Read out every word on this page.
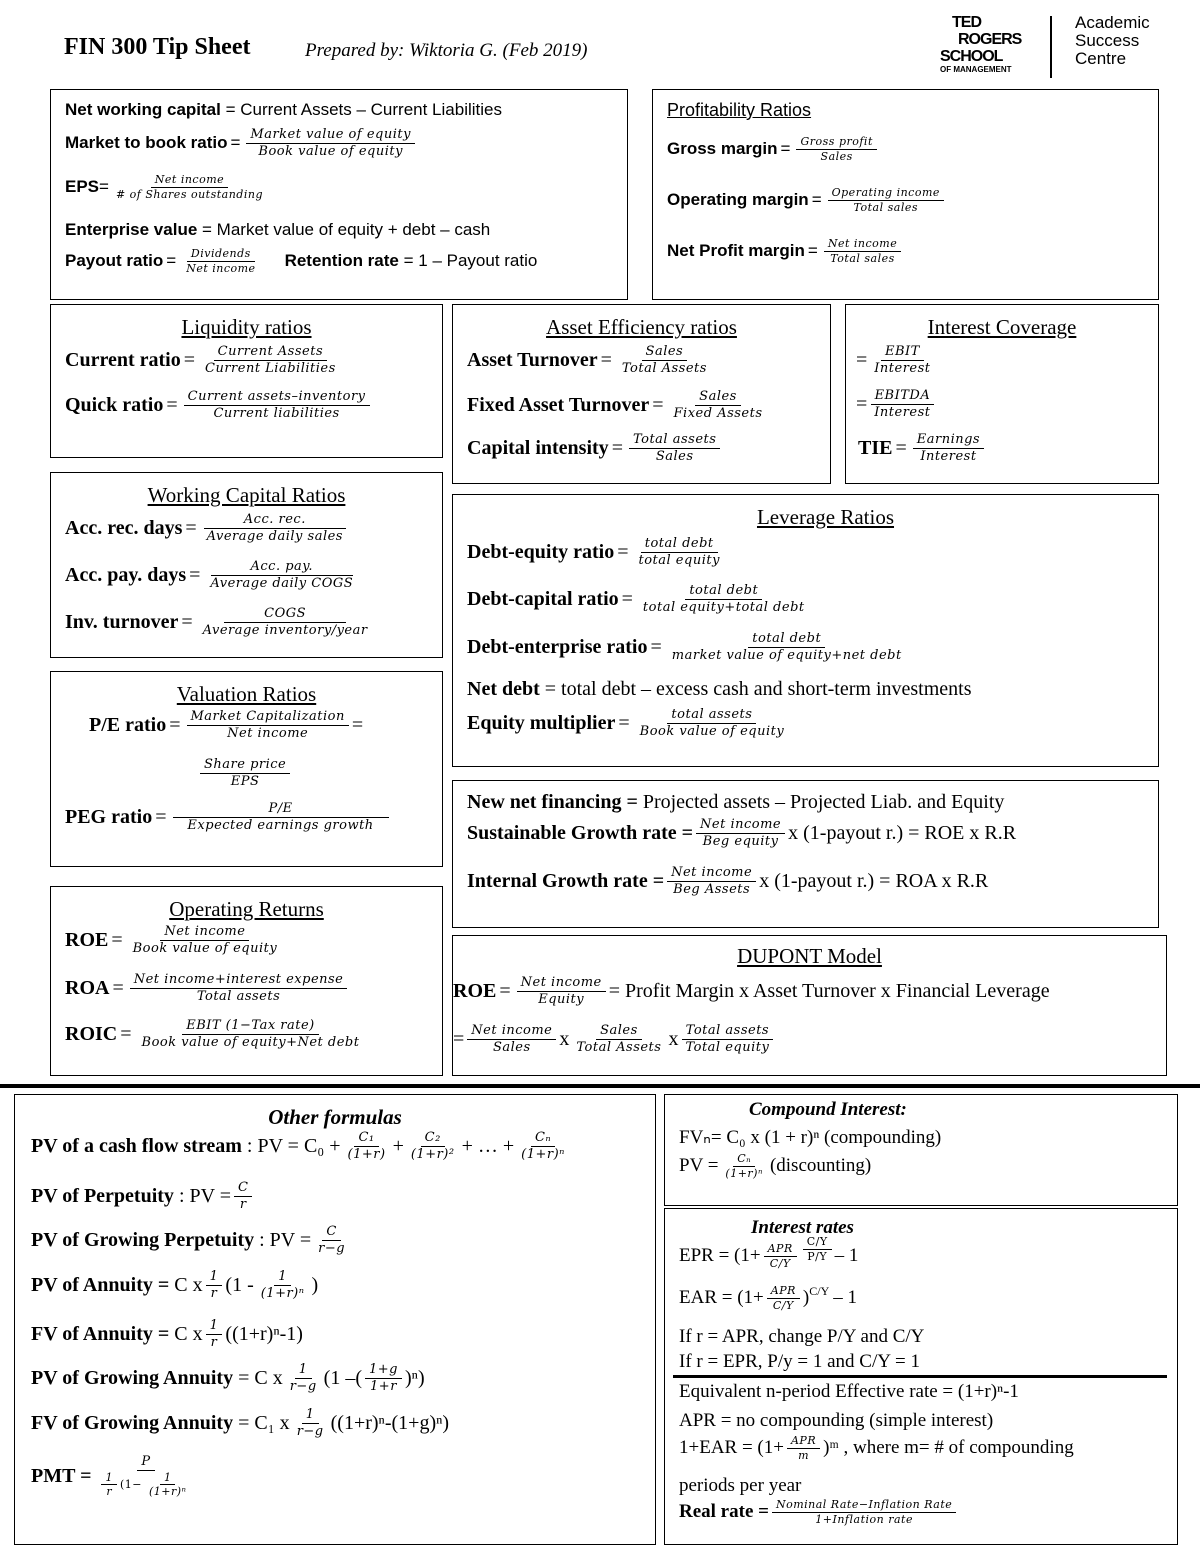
FIN 300 Tip Sheet	Prepared by: Wiktoria G. (Feb 2019)
TED
ROGERS
SCHOOL
OF MANAGEMENT
Academic
Success
Centre
Net working capital
= Current Assets – Current Liabilities
Market to book ratio = $\frac{\text{Market value of equity}}{\text{Book value of equity}}$
EPS = $\frac{\text{Net income}}{\text{\# of Shares outstanding}}$
Enterprise value
= Market value of equity + debt – cash
Payout ratio = $\frac{\text{Dividends}}{\text{Net income}}$ Retention rate
= 1 – Payout ratio
Profitability Ratios
Gross margin = $\frac{\text{Gross profit}}{\text{Sales}}$
Operating margin = $\frac{\text{Operating income}}{\text{Total sales}}$
Net Profit margin = $\frac{\text{Net income}}{\text{Total sales}}$
Liquidity ratios
Current ratio = $\frac{\text{Current Assets}}{\text{Current Liabilities}}$
Quick ratio = $\frac{\text{Current assets–inventory}}{\text{Current liabilities}}$
Asset Efficiency ratios
Asset Turnover = $\frac{\text{Sales}}{\text{Total Assets}}$
Fixed Asset Turnover = $\frac{\text{Sales}}{\text{Fixed Assets}}$
Capital intensity = $\frac{\text{Total assets}}{\text{Sales}}$
Interest Coverage
= $\frac{\text{EBIT}}{\text{Interest}}$
= $\frac{\text{EBITDA}}{\text{Interest}}$
TIE = $\frac{\text{Earnings}}{\text{Interest}}$
Working Capital Ratios
Acc. rec. days = $\frac{\text{Acc. rec.}}{\text{Average daily sales}}$
Acc. pay. days = $\frac{\text{Acc. pay.}}{\text{Average daily COGS}}$
Inv. turnover = $\frac{\text{COGS}}{\text{Average inventory/year}}$
Leverage Ratios
Debt-equity ratio = $\frac{\text{total debt}}{\text{total equity}}$
Debt-capital ratio = $\frac{\text{total debt}}{\text{total equity+total debt}}$
Debt-enterprise ratio = $\frac{\text{total debt}}{\text{market value of equity+net debt}}$
Net debt
= total debt – excess cash and short-term investments
Equity multiplier = $\frac{\text{total assets}}{\text{Book value of equity}}$
Valuation Ratios
P/E ratio = $\frac{\text{Market Capitalization}}{\text{Net income}}$ =
$\frac{\text{Share price}}{\text{EPS}}$
PEG ratio = $\frac{P/E}{\text{Expected earnings growth}}$	New net financing =
Projected assets – Projected Liab. and Equity
Sustainable Growth rate = $\frac{\text{Net income}}{\text{Beg equity}}$ x (1-payout r.) = ROE x R.R
Internal Growth rate = $\frac{\text{Net income}}{\text{Beg Assets}}$ x (1-payout r.) = ROA x R.R
Operating Returns
ROE = $\frac{\text{Net income}}{\text{Book value of equity}}$
ROA = $\frac{\text{Net income+interest expense}}{\text{Total assets}}$
ROIC = $\frac{\text{EBIT (1−Tax rate)}}{\text{Book value of equity+Net debt}}$
DUPONT Model
ROE = $\frac{\text{Net income}}{\text{Equity}}$ = Profit Margin x Asset Turnover x Financial Leverage
= $\frac{\text{Net income}}{\text{Sales}}$ x $\frac{\text{Sales}}{\text{Total Assets}}$ x $\frac{\text{Total assets}}{\text{Total equity}}$
Other formulas
PV of a cash flow stream
: PV = $C_0 + \frac{\text{C₁}}{(1+r)} + \frac{\text{C₂}}{\text{(1+r)²}}$ + … + $\frac{\text{Cₙ}}{\text{(1+r)ⁿ}}$
PV of Perpetuity
: PV = $\frac{C}{r}$
PV of Growing Perpetuity
: PV = $\frac{C}{r-g}$
PV of Annuity =
C x $\frac{1}{r} (1 - \frac{1}{\text{(1+r)ⁿ}}$ )
FV of Annuity =
C x $\frac{1}{r} ((1+r)^n-1)$
PV of Growing Annuity
= C x $\frac{1}{r-g} (1$ –( $\frac{1+g}{1+r} )^n$)
FV of Growing Annuity
= C₁ x $\frac{1}{r-g} ((1+r)^n-(1+g)^n)$
PMT = $\frac{P}{\frac{1}{r} (1- \frac{1}{\text{(1+r)ⁿ}}}$
Compound Interest:
FVₙ= C₀ x (1 + r)ⁿ (compounding)
PV = $\frac{\text{Cₙ}}{\text{(1+r)ⁿ}}$ (discounting)
Interest rates
EPR = ($1+ \frac{\text{APR}}{C/Y} \frac{C/Y}{P/Y} - 1$
EAR = $(1+ \frac{\text{APR}}{C/Y} )^{C/Y} - 1$
If r = APR, change P/Y and C/Y
If r = EPR, P/y = 1 and C/Y = 1
Equivalent n-period Effective rate = (1+r)ⁿ-1
APR = no compounding (simple interest)
$1+EAR = (1+ \frac{\text{APR}}{m}$ )ᵐ , where m= # of compounding
periods per year
Real rate = $\frac{\text{Nominal Rate−Inflation Rate}}{\text{1+Inflation rate}}$
